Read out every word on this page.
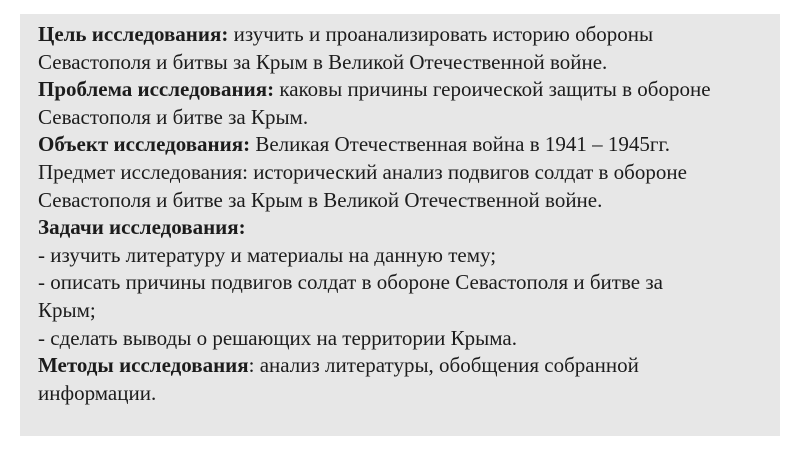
Цель исследования: изучить и проанализировать историю обороны
Севастополя и битвы за Крым в Великой Отечественной войне.
Проблема исследования: каковы причины героической защиты в обороне
Севастополя и битве за Крым.
Объект исследования: Великая Отечественная война в 1941 – 1945гг.
Предмет исследования: исторический анализ подвигов солдат в обороне
Севастополя и битве за Крым в Великой Отечественной войне.
Задачи исследования:
- изучить литературу и материалы на данную тему;
- описать причины подвигов солдат в обороне Севастополя и битве за
Крым;
- сделать выводы о решающих на территории Крыма.
Методы исследования: анализ литературы, обобщения собранной
информации.
